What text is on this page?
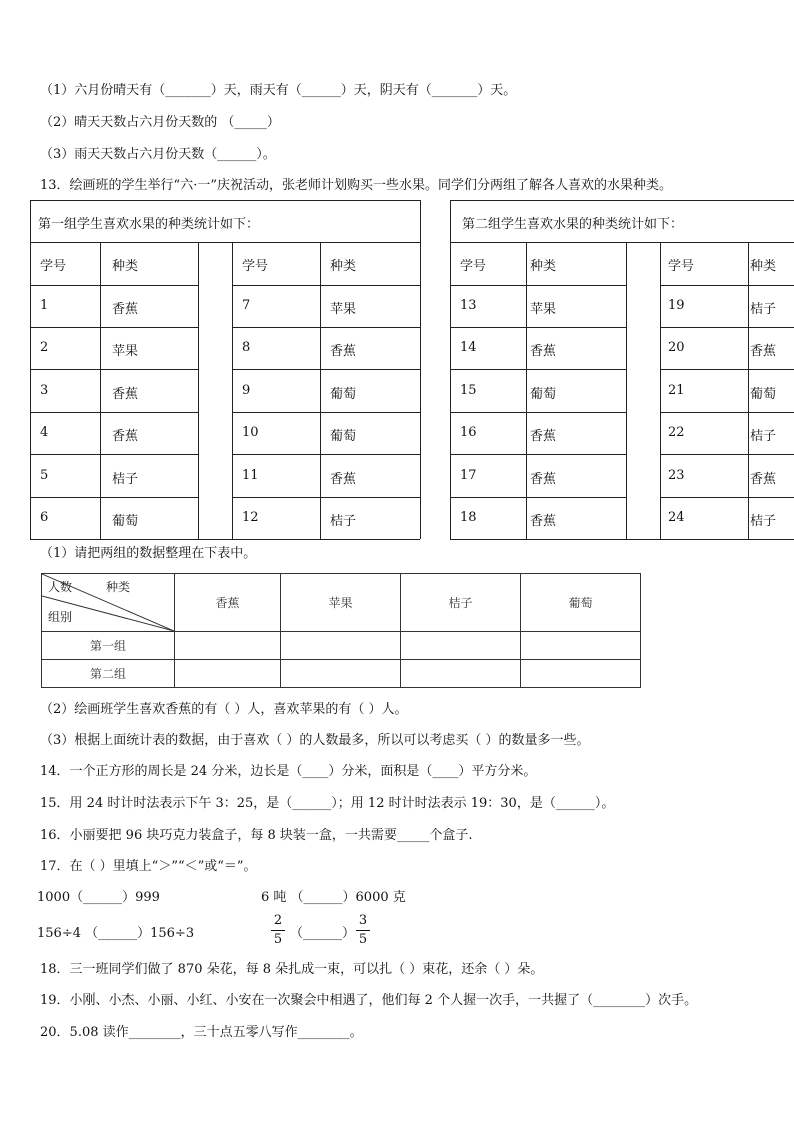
（1）六月份晴天有（_______）天，雨天有（______）天，阴天有（_______）天。
（2）晴天天数占六月份天数的 （_____）
（3）雨天天数占六月份天数（______）。
13．绘画班的学生举行“六·一”庆祝活动，张老师计划购买一些水果。同学们分两组了解各人喜欢的水果种类。
第一组学生喜欢水果的种类统计如下：	第二组学生喜欢水果的种类统计如下：
学号	种类
1	香蕉
2	苹果
3	香蕉
4	香蕉
5	桔子
6	葡萄
学号	种类
7	苹果
8	香蕉
9	葡萄
10	葡萄
11	香蕉
12	桔子
学号	种类
13	苹果
14	香蕉
15	葡萄
16	香蕉
17	香蕉
18	香蕉
学号	种类
19	桔子
20	香蕉
21	葡萄
22	桔子
23	香蕉
24	桔子
（1）请把两组的数据整理在下表中。
人数 种类
组别	香蕉	苹果	桔子	葡萄
第一组				
第二组				
（2）绘画班学生喜欢香蕉的有（ ）人，喜欢苹果的有（ ）人。
（3）根据上面统计表的数据，由于喜欢（ ）的人数最多，所以可以考虑买（ ）的数量多一些。
14．一个正方形的周长是 24 分米，边长是（____）分米，面积是（____）平方分米。
15．用 24 时计时法表示下午 3：25，是（______）；用 12 时计时法表示 19：30，是（______）。
16．小丽要把 96 块巧克力装盒子，每 8 块装一盒，一共需要_____个盒子.
17．在（ ）里填上“＞”“＜”或“＝”。
1000（______）999	6 吨 （______）6000 克
156÷4 （______）156÷3
2
5 （______）
3
5
18．三一班同学们做了 870 朵花，每 8 朵扎成一束，可以扎（ ）束花，还余（ ）朵。
19．小刚、小杰、小丽、小红、小安在一次聚会中相遇了，他们每 2 个人握一次手，一共握了（________）次手。
20．5.08 读作________，三十点五零八写作________。
